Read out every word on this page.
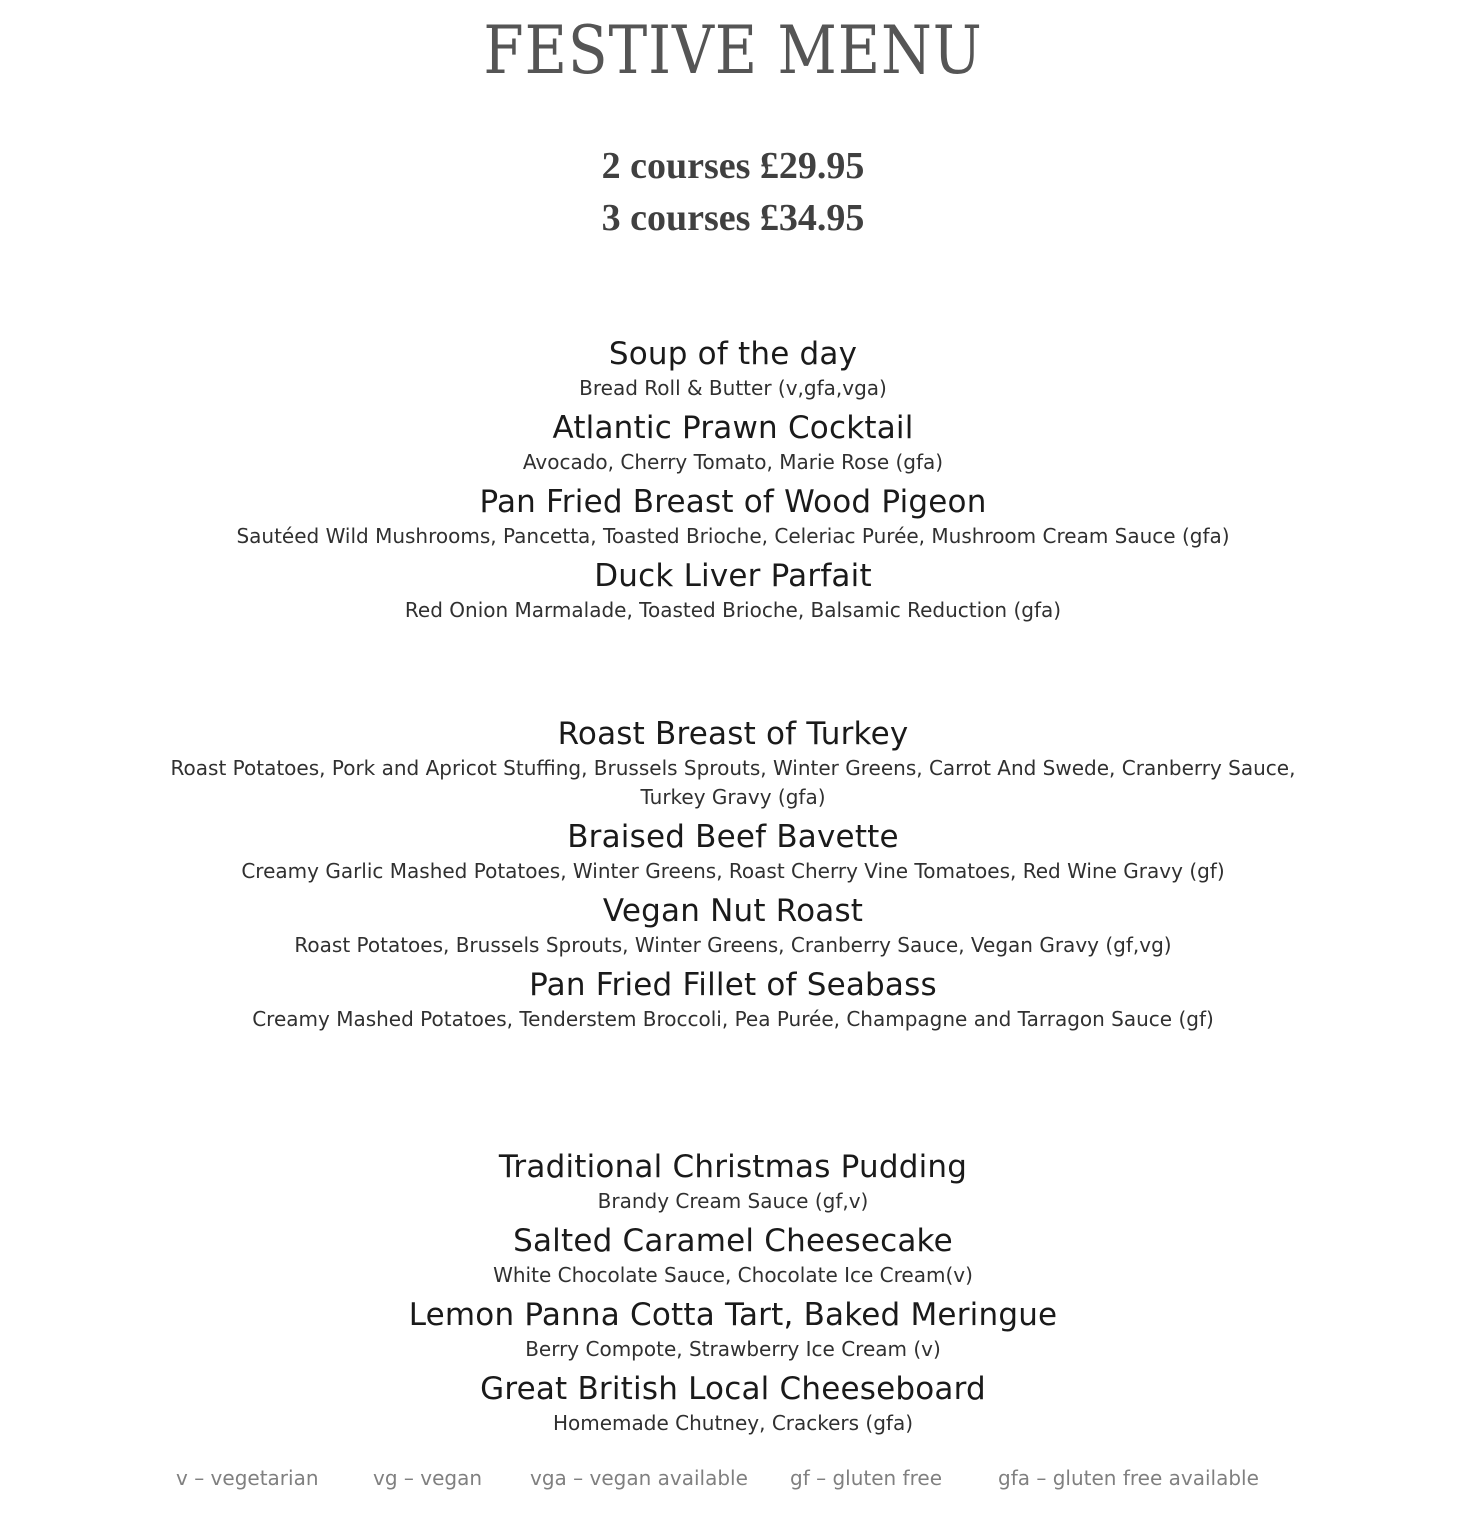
FESTIVE MENU
2 courses £29.95
3 courses £34.95
Soup of the day
Bread Roll & Butter (v,gfa,vga)
Atlantic Prawn Cocktail
Avocado, Cherry Tomato, Marie Rose (gfa)
Pan Fried Breast of Wood Pigeon
Sautéed Wild Mushrooms, Pancetta, Toasted Brioche, Celeriac Purée, Mushroom Cream Sauce (gfa)
Duck Liver Parfait
Red Onion Marmalade, Toasted Brioche, Balsamic Reduction (gfa)
Roast Breast of Turkey
Roast Potatoes, Pork and Apricot Stuffing, Brussels Sprouts, Winter Greens, Carrot And Swede, Cranberry Sauce, Turkey Gravy (gfa)
Braised Beef Bavette
Creamy Garlic Mashed Potatoes, Winter Greens, Roast Cherry Vine Tomatoes, Red Wine Gravy (gf)
Vegan Nut Roast
Roast Potatoes, Brussels Sprouts, Winter Greens, Cranberry Sauce, Vegan Gravy (gf,vg)
Pan Fried Fillet of Seabass
Creamy Mashed Potatoes, Tenderstem Broccoli, Pea Purée, Champagne and Tarragon Sauce (gf)
Traditional Christmas Pudding
Brandy Cream Sauce (gf,v)
Salted Caramel Cheesecake
White Chocolate Sauce, Chocolate Ice Cream(v)
Lemon Panna Cotta Tart, Baked Meringue
Berry Compote, Strawberry Ice Cream (v)
Great British Local Cheeseboard
Homemade Chutney, Crackers (gfa)
v – vegetarian	vg – vegan vga – vegan available gf – gluten free	gfa – gluten free available
